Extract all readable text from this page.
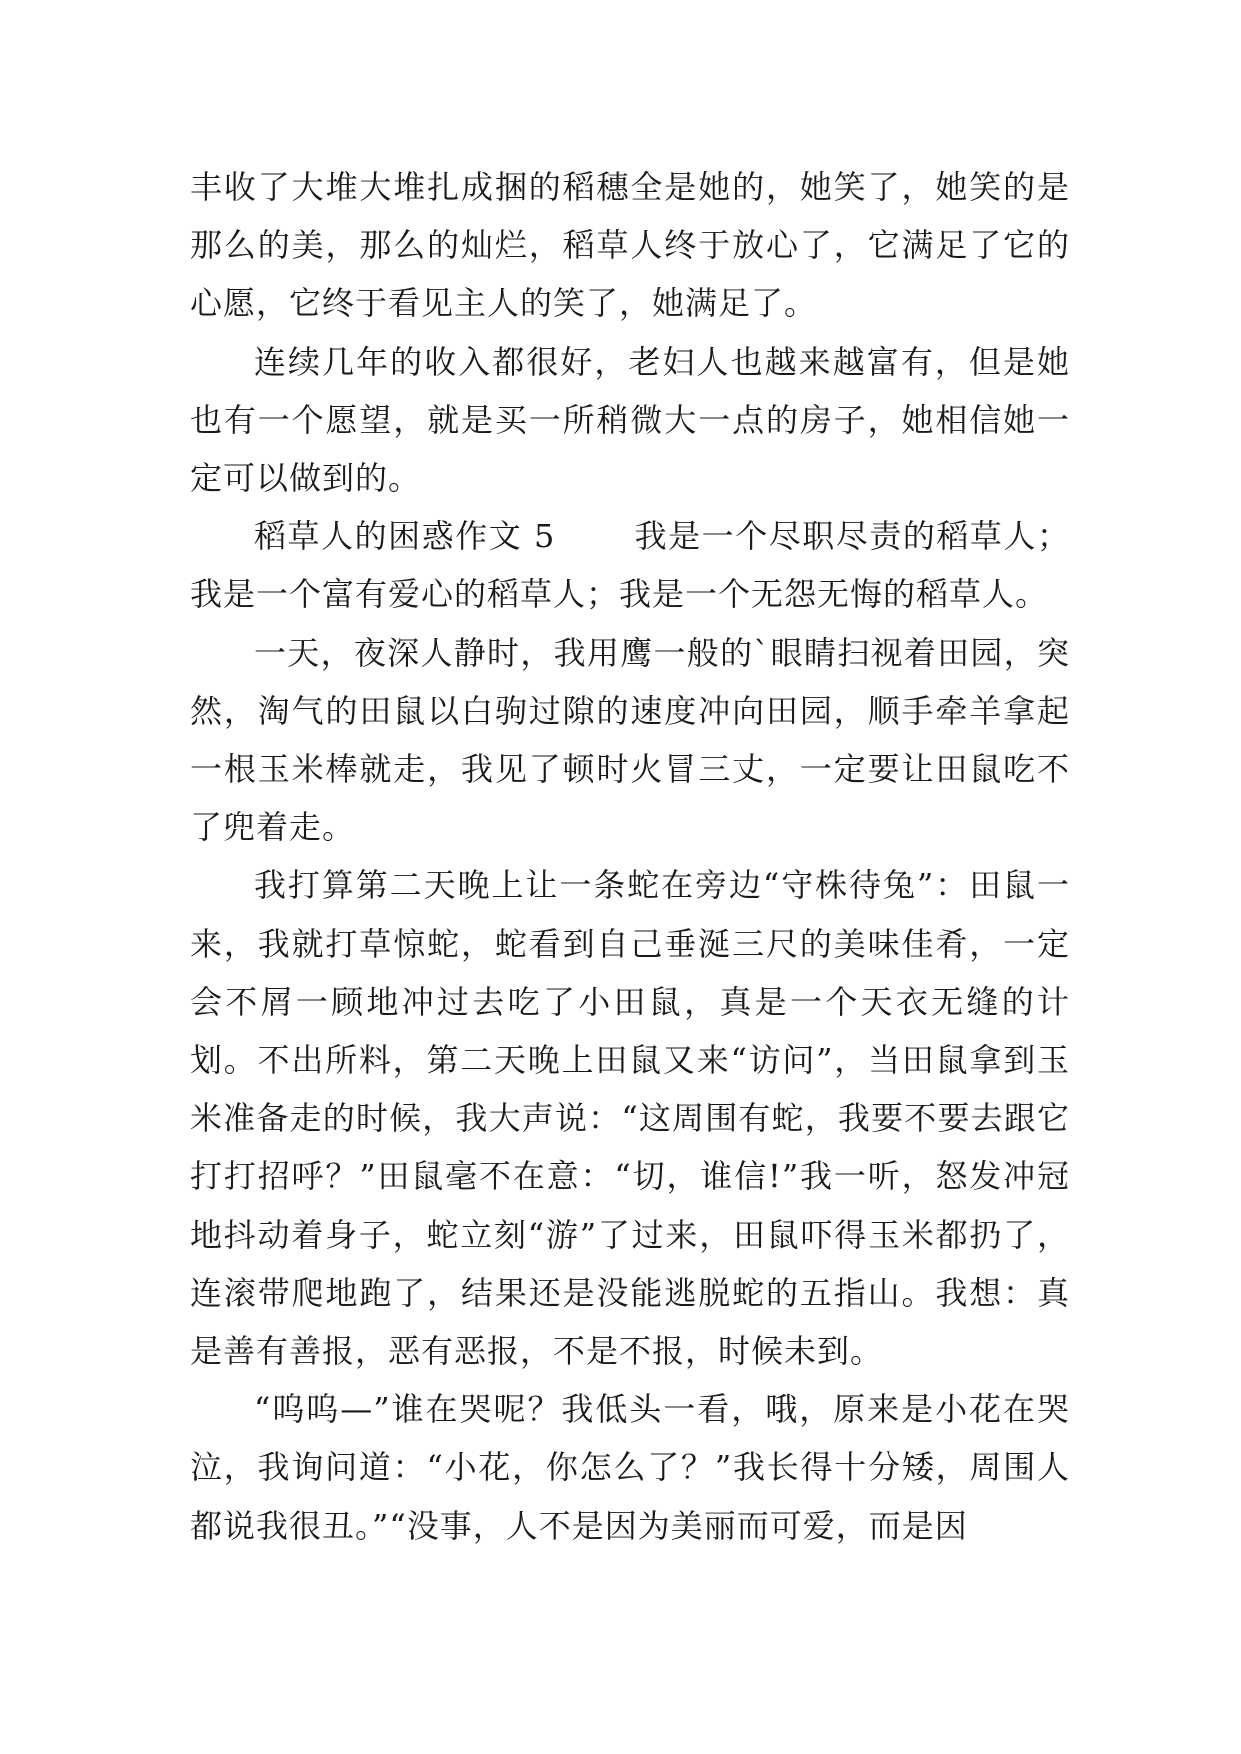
丰收了大堆大堆扎成捆的稻穗全是她的，她笑了，她笑的是那么的美，那么的灿烂，稻草人终于放心了，它满足了它的心愿，它终于看见主人的笑了，她满足了。

连续几年的收入都很好，老妇人也越来越富有，但是她也有一个愿望，就是买一所稍微大一点的房子，她相信她一定可以做到的。

稻草人的困惑作文 5　　 我是一个尽职尽责的稻草人；我是一个富有爱心的稻草人；我是一个无怨无悔的稻草人。

一天，夜深人静时，我用鹰一般的`眼睛扫视着田园，突然，淘气的田鼠以白驹过隙的速度冲向田园，顺手牵羊拿起一根玉米棒就走，我见了顿时火冒三丈，一定要让田鼠吃不了兜着走。

我打算第二天晚上让一条蛇在旁边“守株待兔”：田鼠一来，我就打草惊蛇，蛇看到自己垂涎三尺的美味佳肴，一定会不屑一顾地冲过去吃了小田鼠，真是一个天衣无缝的计划。不出所料，第二天晚上田鼠又来“访问”，当田鼠拿到玉米准备走的时候，我大声说：“这周围有蛇，我要不要去跟它打打招呼？”田鼠毫不在意：“切，谁信!”我一听，怒发冲冠地抖动着身子，蛇立刻“游”了过来，田鼠吓得玉米都扔了，连滚带爬地跑了，结果还是没能逃脱蛇的五指山。我想：真是善有善报，恶有恶报，不是不报，时候未到。

“呜呜—”谁在哭呢？我低头一看，哦，原来是小花在哭泣，我询问道：“小花，你怎么了？”我长得十分矮，周围人都说我很丑。”“没事，人不是因为美丽而可爱，而是因
